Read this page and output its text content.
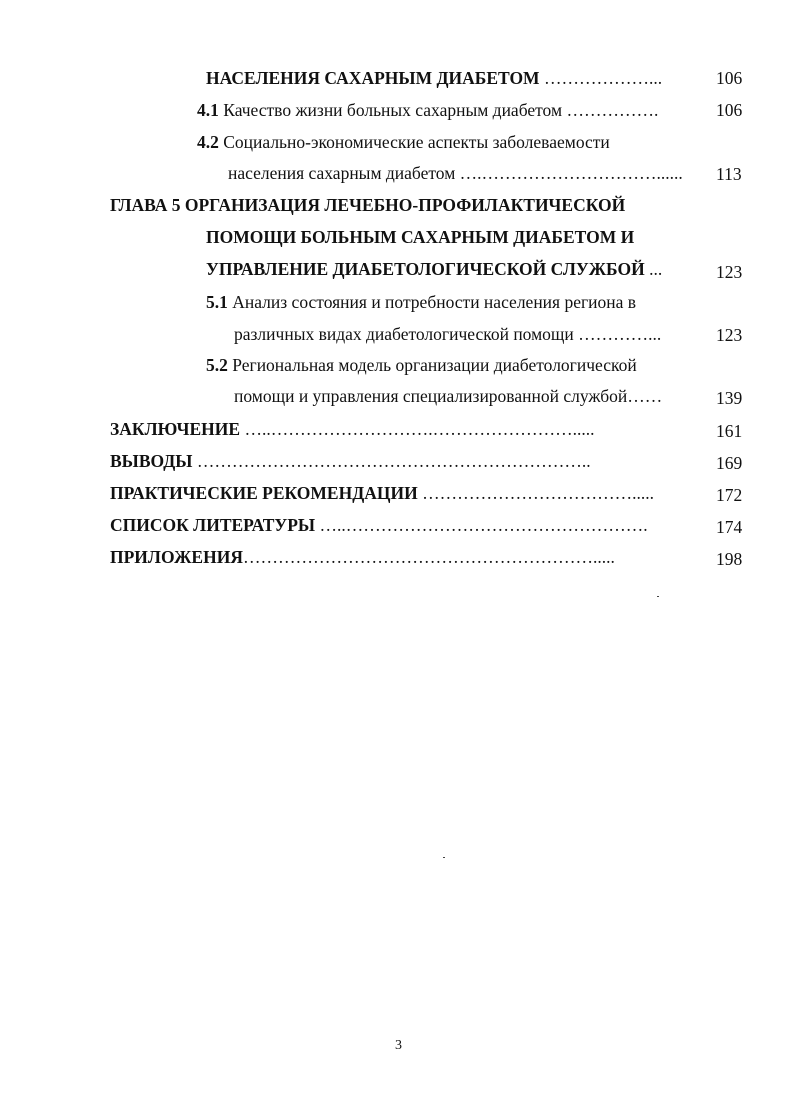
НАСЕЛЕНИЯ САХАРНЫМ ДИАБЕТОМ ………………...	106
4.1 Качество жизни больных сахарным диабетом …………….	106
4.2 Социально-экономические аспекты заболеваемости
населения сахарным диабетом ….…………………………...... 113
ГЛАВА 5 ОРГАНИЗАЦИЯ ЛЕЧЕБНО-ПРОФИЛАКТИЧЕСКОЙ
ПОМОЩИ БОЛЬНЫМ САХАРНЫМ ДИАБЕТОМ И
УПРАВЛЕНИЕ ДИАБЕТОЛОГИЧЕСКОЙ СЛУЖБОЙ ...	123
5.1 Анализ состояния и потребности населения региона в
различных видах диабетологической помощи …………...	123
5.2 Региональная модель организации диабетологической
помощи и управления специализированной службой……	139
ЗАКЛЮЧЕНИЕ …..……………………….…………………….....	161
ВЫВОДЫ …………………………………………………………..	169
ПРАКТИЧЕСКИЕ РЕКОМЕНДАЦИИ ……………………………….....	172
СПИСОК ЛИТЕРАТУРЫ …..…………………………………………….	174
ПРИЛОЖЕНИЯ…………………………………………………….....	198
3
